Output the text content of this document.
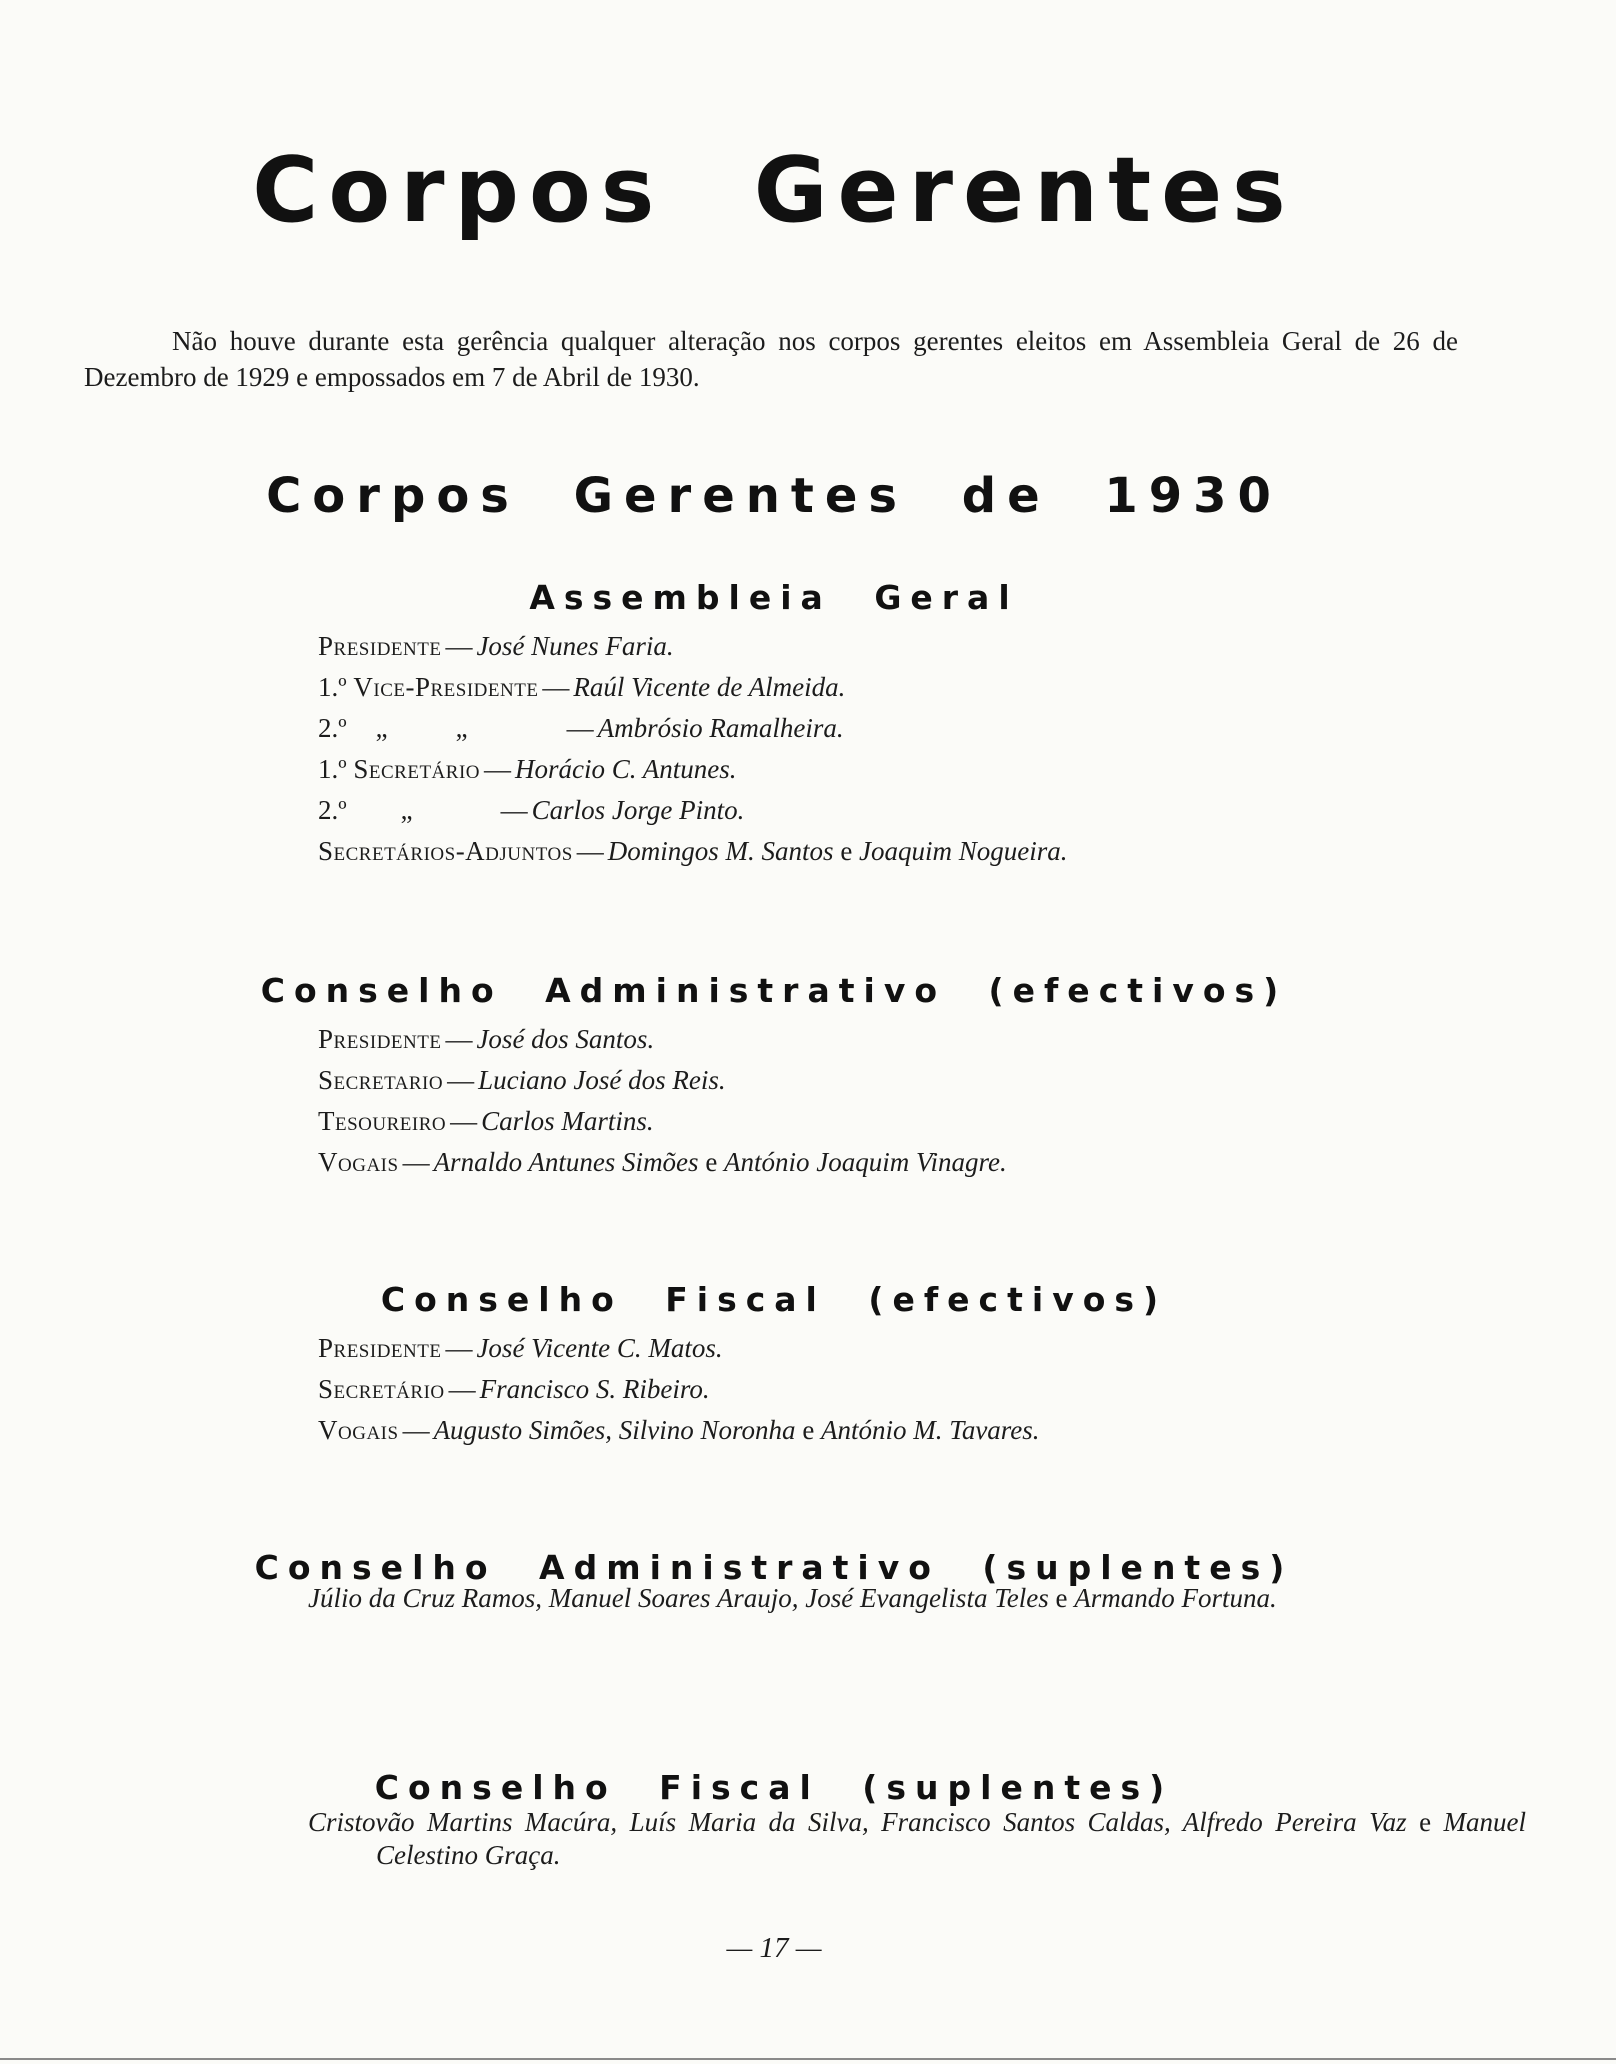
Corpos Gerentes

Não houve durante esta gerência qualquer alteração nos corpos gerentes eleitos em Assembleia Geral de 26 de Dezembro de 1929 e empossados em 7 de Abril de 1930.

Corpos Gerentes de 1930
Assembleia Geral
Presidente — José Nunes Faria.
1.º Vice-Presidente — Raúl Vicente de Almeida.
2.º „	„	— Ambrósio Ramalheira.
1.º Secretário — Horácio C. Antunes.
2.º „	— Carlos Jorge Pinto.
Secretários-Adjuntos — Domingos M. Santos e Joaquim Nogueira.
Conselho Administrativo (efectivos)
Presidente — José dos Santos.
Secretario — Luciano José dos Reis.
Tesoureiro — Carlos Martins.
Vogais — Arnaldo Antunes Simões e António Joaquim Vinagre.
Conselho Fiscal (efectivos)
Presidente — José Vicente C. Matos.
Secretário — Francisco S. Ribeiro.
Vogais — Augusto Simões, Silvino Noronha e António M. Tavares.
Conselho Administrativo (suplentes)

Júlio da Cruz Ramos, Manuel Soares Araujo, José Evangelista Teles e Armando Fortuna.

Conselho Fiscal (suplentes)

Cristovão Martins Macúra, Luís Maria da Silva, Francisco Santos Caldas, Alfredo Pereira Vaz e Manuel Celestino Graça.

— 17 —
